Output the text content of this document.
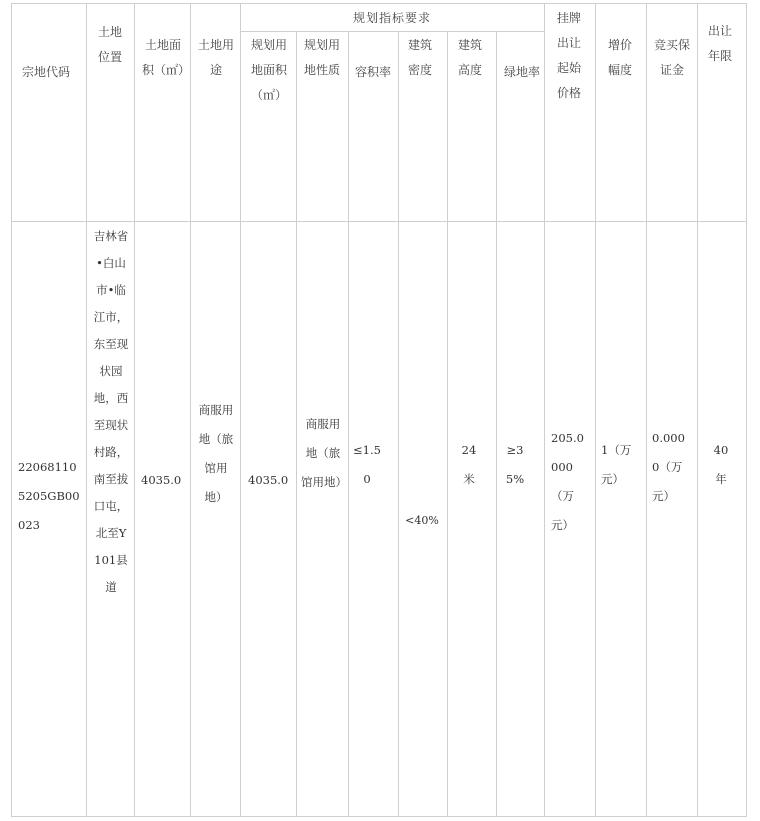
宗地代码
土地位置
土地面积（㎡）
土地用途
规划指标要求
规划用地面积（㎡）
规划用地性质 容积率
建筑密度
建筑高度	绿地率
挂牌出让起始价格
增价幅度
竞买保证金
出让年限
220681105205GB00023
吉林省•白山市•临江市，东至现状园地，西至现状村路，南至拔口屯，北至Y101县道
4035.0
商服用地（旅馆用地）
4035.0
商服用地（旅馆用地）
≤1.50
<40%
24米
≥35%
205.0000（万元）
1（万元）
0.0000（万元）
40年
